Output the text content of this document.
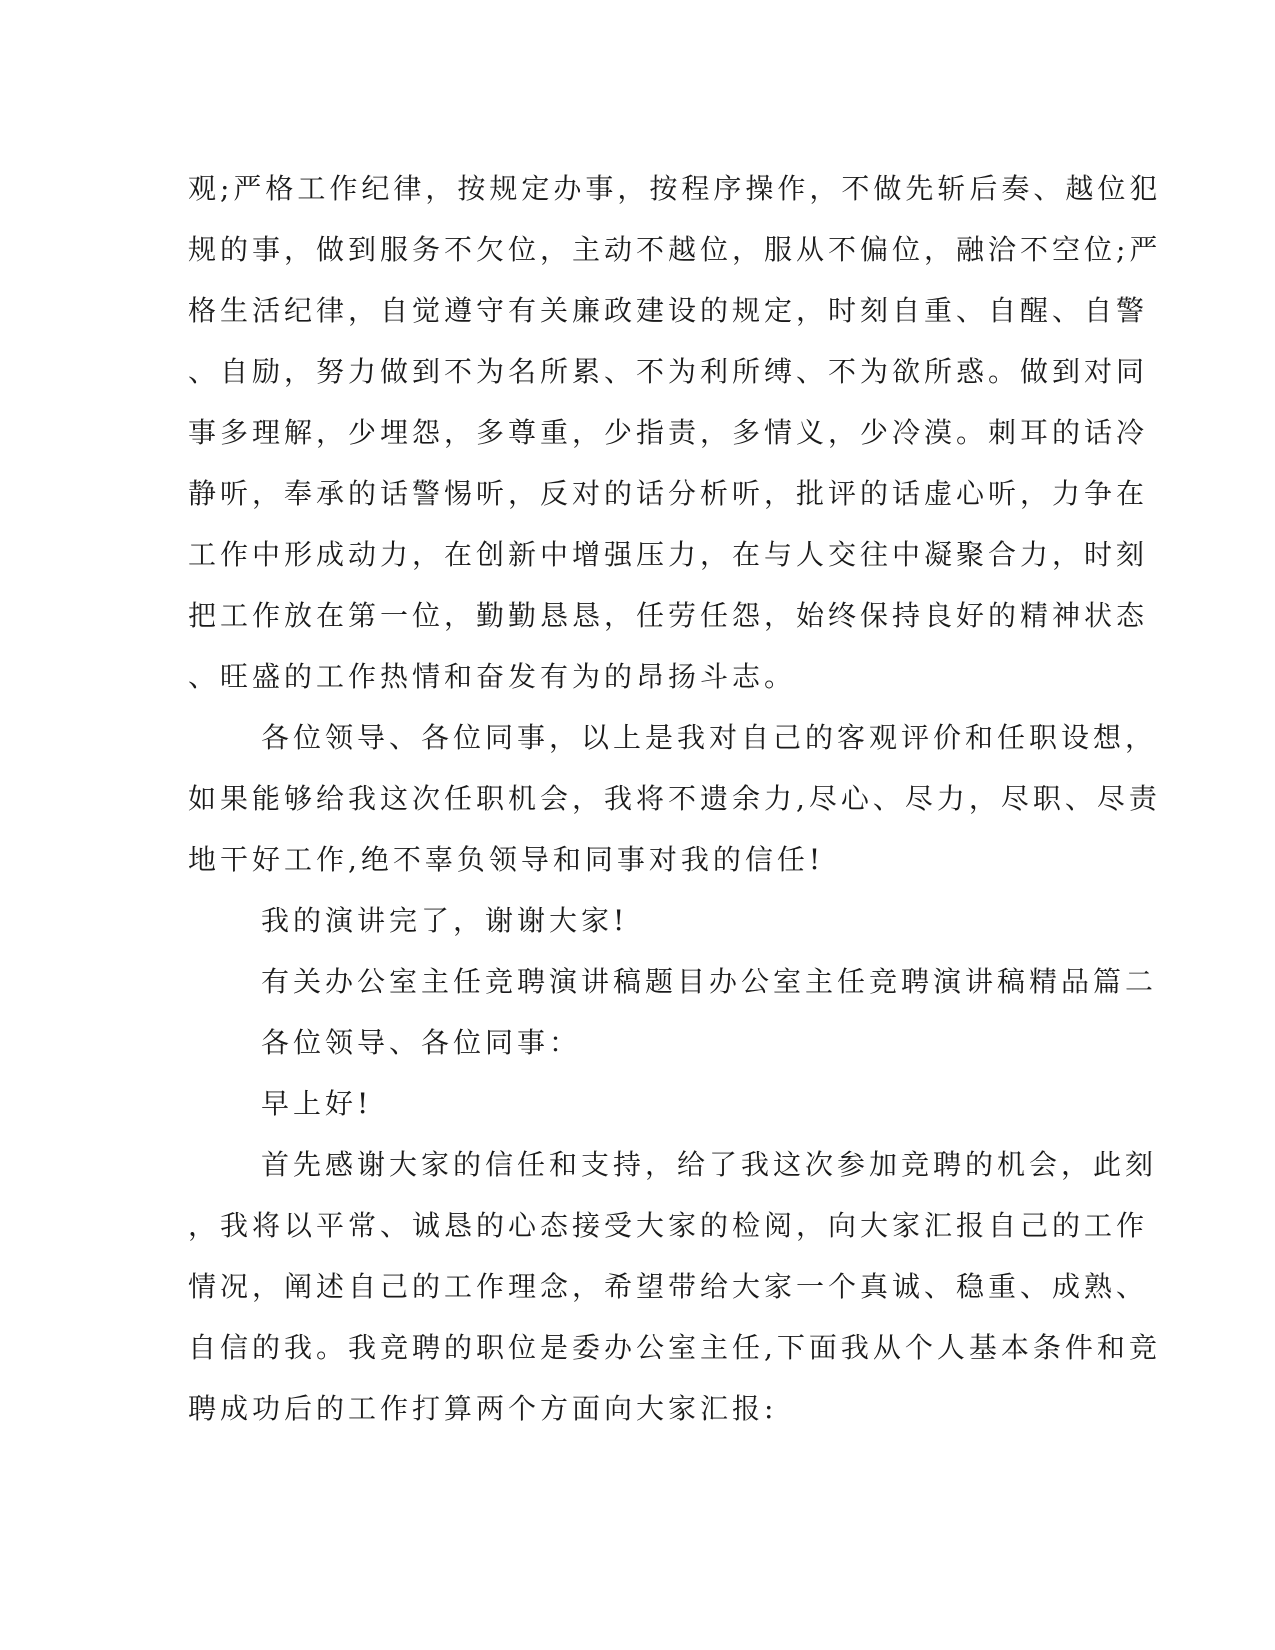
观;严格工作纪律，按规定办事，按程序操作，不做先斩后奏、越位犯
规的事，做到服务不欠位，主动不越位，服从不偏位，融洽不空位;严
格生活纪律，自觉遵守有关廉政建设的规定，时刻自重、自醒、自警
、自励，努力做到不为名所累、不为利所缚、不为欲所惑。做到对同
事多理解，少埋怨，多尊重，少指责，多情义，少冷漠。刺耳的话冷
静听，奉承的话警惕听，反对的话分析听，批评的话虚心听，力争在
工作中形成动力，在创新中增强压力，在与人交往中凝聚合力，时刻
把工作放在第一位，勤勤恳恳，任劳任怨，始终保持良好的精神状态
、旺盛的工作热情和奋发有为的昂扬斗志。
各位领导、各位同事，以上是我对自己的客观评价和任职设想，
如果能够给我这次任职机会，我将不遗余力,尽心、尽力，尽职、尽责
地干好工作,绝不辜负领导和同事对我的信任!
我的演讲完了，谢谢大家!
有关办公室主任竞聘演讲稿题目办公室主任竞聘演讲稿精品篇二
各位领导、各位同事：
早上好!
首先感谢大家的信任和支持，给了我这次参加竞聘的机会，此刻
，我将以平常、诚恳的心态接受大家的检阅，向大家汇报自己的工作
情况，阐述自己的工作理念，希望带给大家一个真诚、稳重、成熟、
自信的我。我竞聘的职位是委办公室主任,下面我从个人基本条件和竞
聘成功后的工作打算两个方面向大家汇报:
